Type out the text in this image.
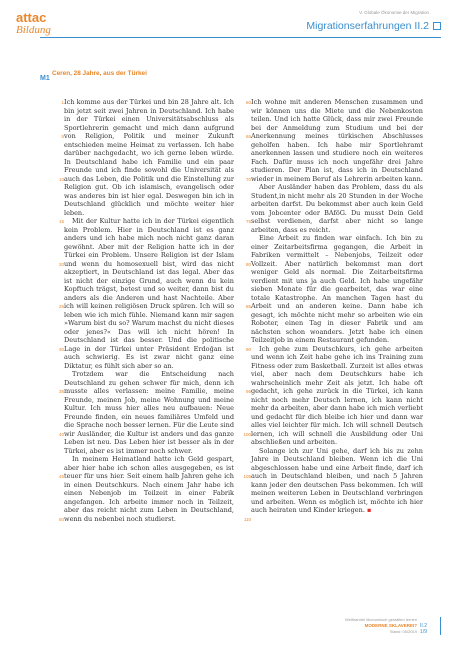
attac
Bildung
V. Globale Ökonomie der Migration
Migrationserfahrungen II.2
M1
Ceren, 28 Jahre, aus der Türkei

Ich komme aus der Türkei und bin 28 Jahre alt. Ich bin jetzt seit zwei Jahren in Deutschland. Ich habe in der Türkei einen Universitätsabschluss als Sportlehrerin gemacht und mich dann aufgrund von Religion, Politik und meiner Zukunft entschieden meine Heimat zu verlassen. Ich habe darüber nachgedacht, wo ich gerne leben würde. In Deutschland habe ich Familie und ein paar Freunde und ich finde sowohl die Universität als auch das Leben, die Politik und die Einstellung zur Religion gut. Ob ich islamisch, evangelisch oder was anderes bin ist hier egal. Deswegen bin ich in Deutschland glücklich und möchte weiter hier leben.

Mit der Kultur hatte ich in der Türkei eigentlich kein Problem. Hier in Deutschland ist es ganz anders und ich habe mich noch nicht ganz daran gewöhnt. Aber mit der Religion hatte ich in der Türkei ein Problem. Unsere Religion ist der Islam und wenn du homosexuell bist, wird das nicht akzeptiert, in Deutschland ist das legal. Aber das ist nicht der einzige Grund, auch wenn du kein Kopftuch trägst, betest und so weiter, dann bist du anders als die Anderen und hast Nachteile. Aber ich will keinen religiösen Druck spüren. Ich will so leben wie ich mich fühle. Niemand kann mir sagen »Warum bist du so? Warum machst du nicht dieses oder jenes?« Das will ich nicht hören! In Deutschland ist das besser. Und die politische Lage in der Türkei unter Präsident Erdoğan ist auch schwierig. Es ist zwar nicht ganz eine Diktatur, es fühlt sich aber so an.

Trotzdem war die Entscheidung nach Deutschland zu gehen schwer für mich, denn ich musste alles verlassen: meine Familie, meine Freunde, meinen Job, meine Wohnung und meine Kultur. Ich muss hier alles neu aufbauen: Neue Freunde finden, ein neues familiäres Umfeld und die Sprache noch besser lernen. Für die Leute sind wir Ausländer, die Kultur ist anders und das ganze Leben ist neu. Das Leben hier ist besser als in der Türkei, aber es ist immer noch schwer.

In meinem Heimatland hatte ich Geld gespart, aber hier habe ich schon alles ausgegeben, es ist teuer für uns hier. Seit einem halb Jahren gehe ich in einen Deutschkurs. Nach einem Jahr habe ich einen Nebenjob im Teilzeit in einer Fabrik angefangen. Ich arbeite immer noch in Teilzeit, aber das reicht nicht zum Leben in Deutschland, wenn du nebenbei noch studierst.

Ich wohne mit anderen Menschen zusammen und wir können uns die Miete und die Nebenkosten teilen. Und ich hatte Glück, dass mir zwei Freunde bei der Anmeldung zum Studium und bei der Anerkennung meines türkischen Abschlusses geholfen haben. Ich habe mir Sportlehramt anerkennen lassen und studiere noch ein weiteres Fach. Dafür muss ich noch ungefähr drei Jahre studieren. Der Plan ist, dass ich in Deutschland wieder in meinem Beruf als Lehrerin arbeiten kann.

Aber Ausländer haben das Problem, dass du als Student,in nicht mehr als 20 Stunden in der Woche arbeiten darfst. Du bekommst aber auch kein Geld vom Jobcenter oder BAföG. Du musst Dein Geld selbst verdienen, darfst aber nicht so lange arbeiten, dass es reicht.

Eine Arbeit zu finden war einfach. Ich bin zu einer Zeitarbeitsfirma gegangen, die Arbeit in Fabriken vermittelt – Nebenjobs, Teilzeit oder Vollzeit. Aber natürlich bekommst man dort weniger Geld als normal. Die Zeitarbeitsfirma verdient mit uns ja auch Geld. Ich habe ungefähr sieben Monate für die gearbeitet, das war eine totale Katastrophe. An manchen Tagen hast du Arbeit und an anderen keine. Dann habe ich gesagt, ich möchte nicht mehr so arbeiten wie ein Roboter, einen Tag in dieser Fabrik und am nächsten schon woanders. Jetzt habe ich einen Teilzeitjob in einem Restaurant gefunden.

Ich gehe zum Deutschkurs, ich gehe arbeiten und wenn ich Zeit habe gehe ich ins Training zum Fitness oder zum Basketball. Zurzeit ist alles etwas viel, aber nach dem Deutschkurs habe ich wahrscheinlich mehr Zeit als jetzt. Ich habe oft gedacht, ich gehe zurück in die Türkei, ich kann nicht noch mehr Deutsch lernen, ich kann nicht mehr da arbeiten, aber dann habe ich mich verliebt und gedacht für dich bleibe ich hier und dann war alles viel leichter für mich. Ich will schnell Deutsch lernen, ich will schnell die Ausbildung oder Uni abschließen und arbeiten.

Solange ich zur Uni gehe, darf ich bis zu zehn Jahre in Deutschland bleiben. Wenn ich die Uni abgeschlossen habe und eine Arbeit finde, darf ich auch in Deutschland bleiben, und nach 5 Jahren kann jeder den deutschen Pass bekommen. Ich will meinen weiteren Leben in Deutschland verbringen und arbeiten. Wenn es möglich ist, möchte ich hier auch heiraten und Kinder kriegen. ▪

1
5
10
15
20
25
30
35
40
45
50
60
65
70
75
80
85
90
95
100
105
110
Welthandel ökonomisch gestalten lernen
MODERNE SKLAVEREI?
Stand: 05/2019
II.2
1/9
